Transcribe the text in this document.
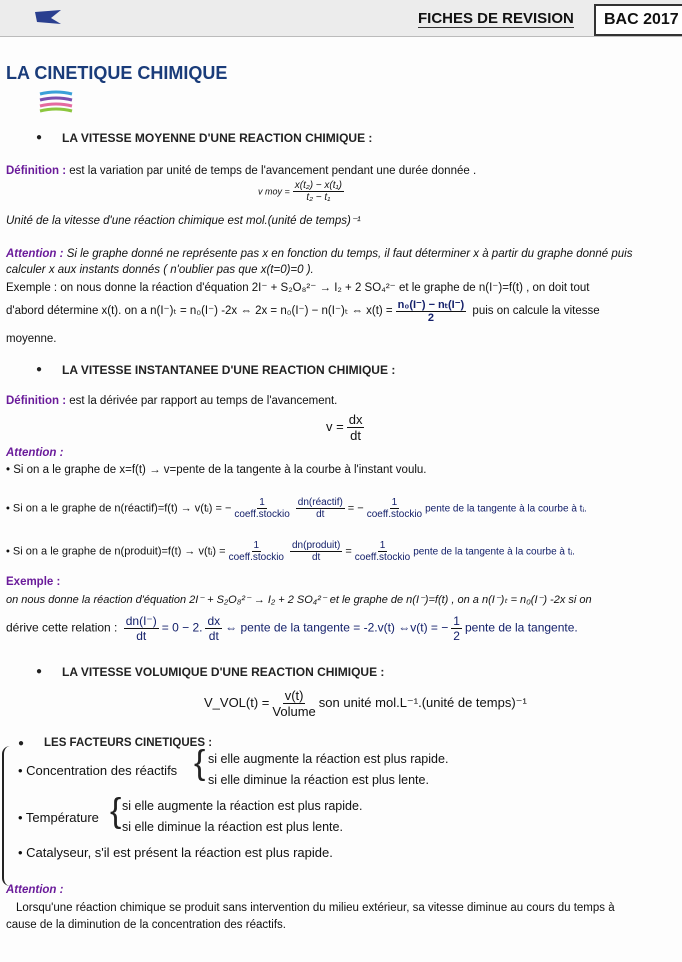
FICHES DE REVISION	BAC 2017
LA CINETIQUE CHIMIQUE
● LA VITESSE MOYENNE D'UNE REACTION CHIMIQUE :
Définition : est la variation par unité de temps de l'avancement pendant une durée donnée .
v moy = $\frac{\text{x(t₂) − x(t₁)}}{\text{t₂ − t₁}}$
Unité de la vitesse d'une réaction chimique est mol.(unité de temps)⁻¹
Attention : Si le graphe donné ne représente pas x en fonction du temps, il faut déterminer x à partir du graphe donné puis
calculer x aux instants donnés ( n'oublier pas que x(t=0)=0 ).
Exemple : on nous donne la réaction d'équation 2I⁻ + S₂O₈²⁻ → I₂ + 2 SO₄²⁻ et le graphe de n(I⁻)=f(t) , on doit tout
d'abord détermine x(t). on a n(I⁻)ₜ = n₀(I⁻) -2x ⇔ 2x = n₀(I⁻) − n(I⁻)ₜ ⇔ $x(t) = \frac{\text{n₀(I⁻) − nₜ(I⁻)}}{2}$ puis on calcule la vitesse
moyenne.
● LA VITESSE INSTANTANEE D'UNE REACTION CHIMIQUE :
Définition : est la dérivée par rapport au temps de l'avancement.
$v = \frac{dx}{dt}$
Attention :
• Si on a le graphe de x=f(t) → v=pente de la tangente à la courbe à l'instant voulu.
• Si on a le graphe de n(réactif)=f(t) → v(tᵢ) = − $\frac{1}{\text{coeff.stockio}} \frac{\text{dn(réactif)}}{dt}$ = − $\frac{1}{\text{coeff.stockio}}$ pente de la tangente à la courbe à tᵢ.
• Si on a le graphe de n(produit)=f(t) → v(tᵢ) = $\frac{1}{\text{coeff.stockio}} \frac{\text{dn(produit)}}{dt} = \frac{1}{\text{coeff.stockio}}$ pente de la tangente à la courbe à tᵢ.
Exemple :
on nous donne la réaction d'équation 2I⁻ + S₂O₈²⁻ → I₂ + 2 SO₄²⁻ et le graphe de n(I⁻)=f(t) , on a n(I⁻)ₜ = n₀(I⁻) -2x si on
dérive cette relation : $\frac{dn(I^-)}{dt} = 0 - 2$. $\frac{dx}{dt}$ ⇔ pente de la tangente = -2.v(t) ⇔v(t) = − $\frac{1}{2}$ pente de la tangente.
● LA VITESSE VOLUMIQUE D'UNE REACTION CHIMIQUE :
V_VOL(t) = $\frac{v(t)}{\text{Volume}}$ son unité mol.L⁻¹.(unité de temps)⁻¹
● LES FACTEURS CINETIQUES :
• Concentration des réactifs { si elle augmente la réaction est plus rapide.
si elle diminue la réaction est plus lente.
• Température { si elle augmente la réaction est plus rapide.
si elle diminue la réaction est plus lente.
• Catalyseur, s'il est présent la réaction est plus rapide.
Attention :
Lorsqu'une réaction chimique se produit sans intervention du milieu extérieur, sa vitesse diminue au cours du temps à
cause de la diminution de la concentration des réactifs.
